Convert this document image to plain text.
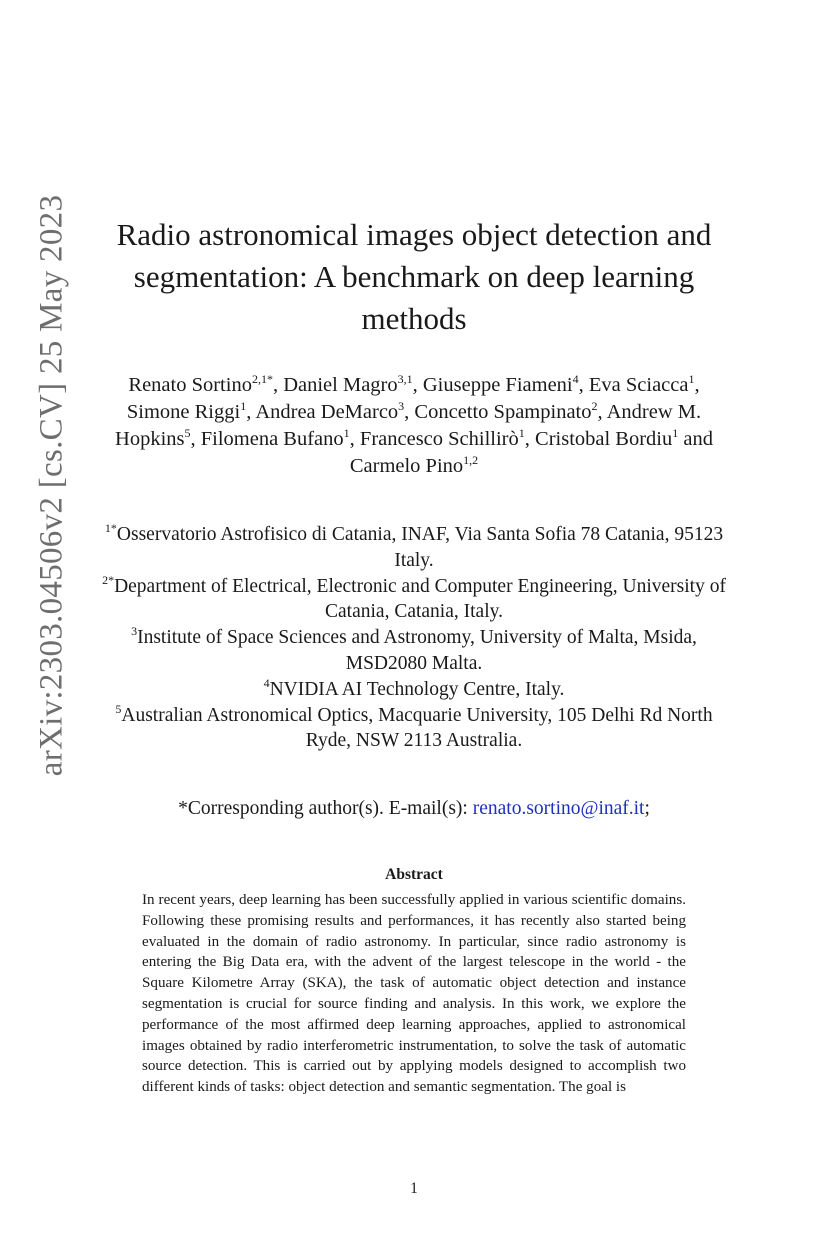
arXiv:2303.04506v2 [cs.CV] 25 May 2023 Radio astronomical images object detection and segmentation: A benchmark on deep learning methods

Renato Sortino$^{2,1*}$, Daniel Magro$^{3,1}$, Giuseppe Fiameni$^4$, Eva Sciacca$^1$, Simone Riggi$^1$, Andrea DeMarco$^3$, Concetto Spampinato$^2$, Andrew M. Hopkins$^5$, Filomena Bufano$^1$, Francesco Schillirò$^1$, Cristobal Bordiu$^1$ and Carmelo Pino$^{1,2}$

$^{1*}$Osservatorio Astrofisico di Catania, INAF, Via Santa Sofia 78 Catania, 95123 Italy.

$^{2*}$Department of Electrical, Electronic and Computer Engineering, University of Catania, Catania, Italy.

$^3$Institute of Space Sciences and Astronomy, University of Malta, Msida, MSD2080 Malta.

$^4$NVIDIA AI Technology Centre, Italy.

$^5$Australian Astronomical Optics, Macquarie University, 105 Delhi Rd North Ryde, NSW 2113 Australia.

*Corresponding author(s). E-mail(s): renato.sortino@inaf.it;

Abstract

In recent years, deep learning has been successfully applied in various scientific domains. Following these promising results and performances, it has recently also started being evaluated in the domain of radio astronomy. In particular, since radio astronomy is entering the Big Data era, with the advent of the largest telescope in the world - the Square Kilometre Array (SKA), the task of automatic object detection and instance segmentation is crucial for source finding and analysis. In this work, we explore the performance of the most affirmed deep learning approaches, applied to astronomical images obtained by radio interferometric instrumentation, to solve the task of automatic source detection. This is carried out by applying models designed to accomplish two different kinds of tasks: object detection and semantic segmentation. The goal is

1
